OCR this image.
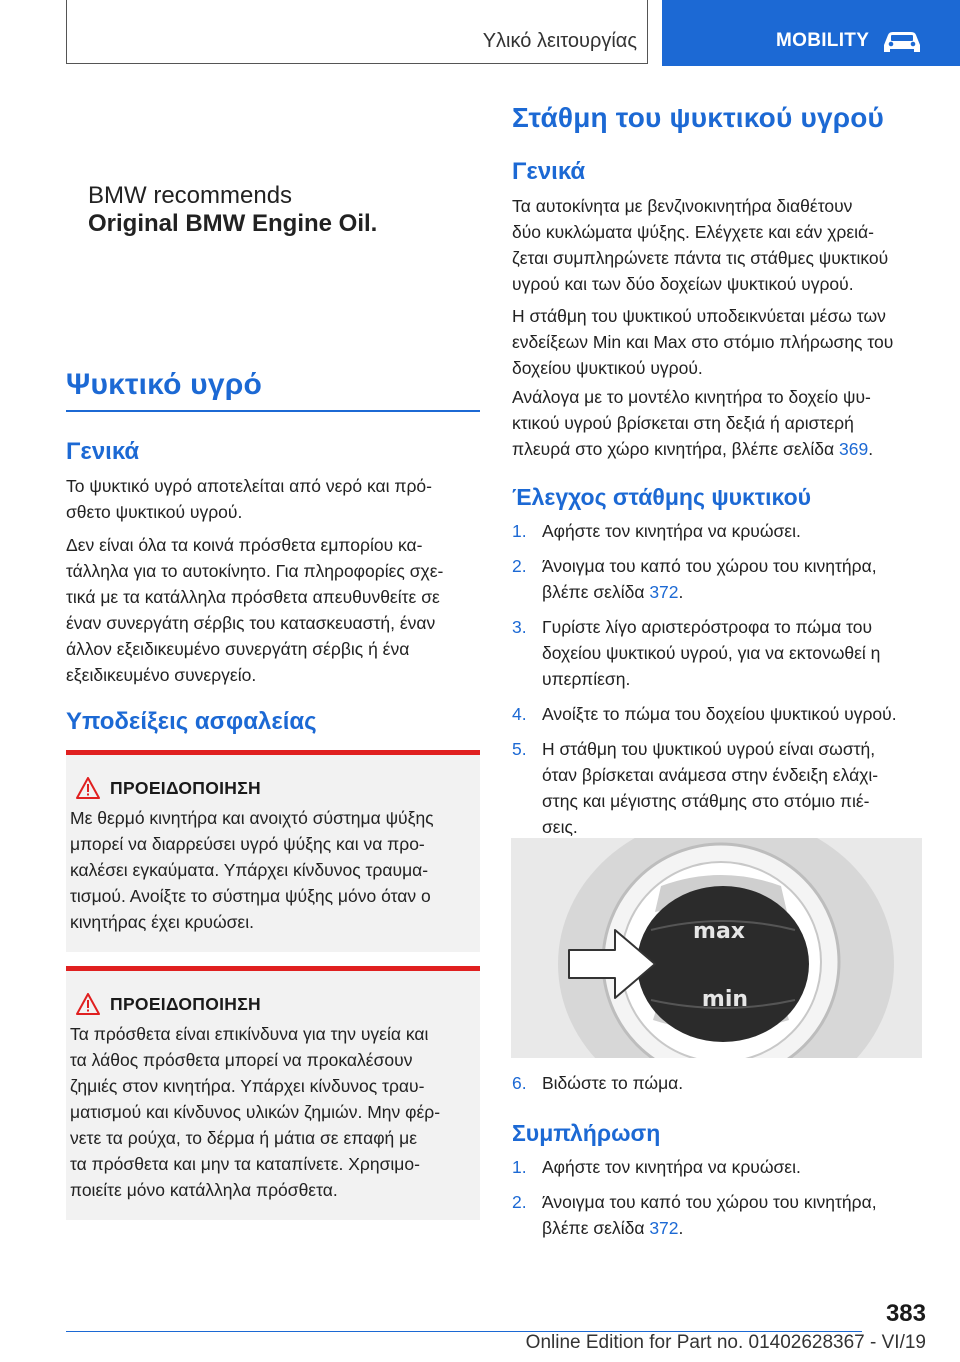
Υλικό λειτουργίας	MOBILITY
BMW recommends
Original BMW Engine Oil.
Ψυκτικό υγρό
Γενικά
Το ψυκτικό υγρό αποτελείται από νερό και πρό-
σθετο ψυκτικού υγρού.
Δεν είναι όλα τα κοινά πρόσθετα εμπορίου κα-
τάλληλα για το αυτοκίνητο. Για πληροφορίες σχε-
τικά με τα κατάλληλα πρόσθετα απευθυνθείτε σε
έναν συνεργάτη σέρβις του κατασκευαστή, έναν
άλλον εξειδικευμένο συνεργάτη σέρβις ή ένα
εξειδικευμένο συνεργείο.
Υποδείξεις ασφαλείας
ΠΡΟΕΙΔΟΠΟΙΗΣΗ
Με θερμό κινητήρα και ανοιχτό σύστημα ψύξης
μπορεί να διαρρεύσει υγρό ψύξης και να προ-
καλέσει εγκαύματα. Υπάρχει κίνδυνος τραυμα-
τισμού. Ανοίξτε το σύστημα ψύξης μόνο όταν ο
κινητήρας έχει κρυώσει.
ΠΡΟΕΙΔΟΠΟΙΗΣΗ
Τα πρόσθετα είναι επικίνδυνα για την υγεία και
τα λάθος πρόσθετα μπορεί να προκαλέσουν
ζημιές στον κινητήρα. Υπάρχει κίνδυνος τραυ-
ματισμού και κίνδυνος υλικών ζημιών. Μην φέρ-
νετε τα ρούχα, το δέρμα ή μάτια σε επαφή με
τα πρόσθετα και μην τα καταπίνετε. Χρησιμο-
ποιείτε μόνο κατάλληλα πρόσθετα.
Στάθμη του ψυκτικού υγρού
Γενικά
Τα αυτοκίνητα με βενζινοκινητήρα διαθέτουν
δύο κυκλώματα ψύξης. Ελέγχετε και εάν χρειά-
ζεται συμπληρώνετε πάντα τις στάθμες ψυκτικού
υγρού και των δύο δοχείων ψυκτικού υγρού.
Η στάθμη του ψυκτικού υποδεικνύεται μέσω των
ενδείξεων Min και Max στο στόμιο πλήρωσης του
δοχείου ψυκτικού υγρού.
Ανάλογα με το μοντέλο κινητήρα το δοχείο ψυ-
κτικού υγρού βρίσκεται στη δεξιά ή αριστερή
πλευρά στο χώρο κινητήρα, βλέπε σελίδα 369.
Έλεγχος στάθμης ψυκτικού
1. Αφήστε τον κινητήρα να κρυώσει.
2. Άνοιγμα του καπό του χώρου του κινητήρα,
βλέπε σελίδα 372.
3. Γυρίστε λίγο αριστερόστροφα το πώμα του
δοχείου ψυκτικού υγρού, για να εκτονωθεί η
υπερπίεση.
4. Ανοίξτε το πώμα του δοχείου ψυκτικού υγρού.
5. Η στάθμη του ψυκτικού υγρού είναι σωστή,
όταν βρίσκεται ανάμεσα στην ένδειξη ελάχι-
στης και μέγιστης στάθμης στο στόμιο πιέ-
σεις.
max
min
6. Βιδώστε το πώμα.
Συμπλήρωση
1. Αφήστε τον κινητήρα να κρυώσει.
2. Άνοιγμα του καπό του χώρου του κινητήρα,
βλέπε σελίδα 372.
383
Online Edition for Part no. 01402628367 - VI/19
